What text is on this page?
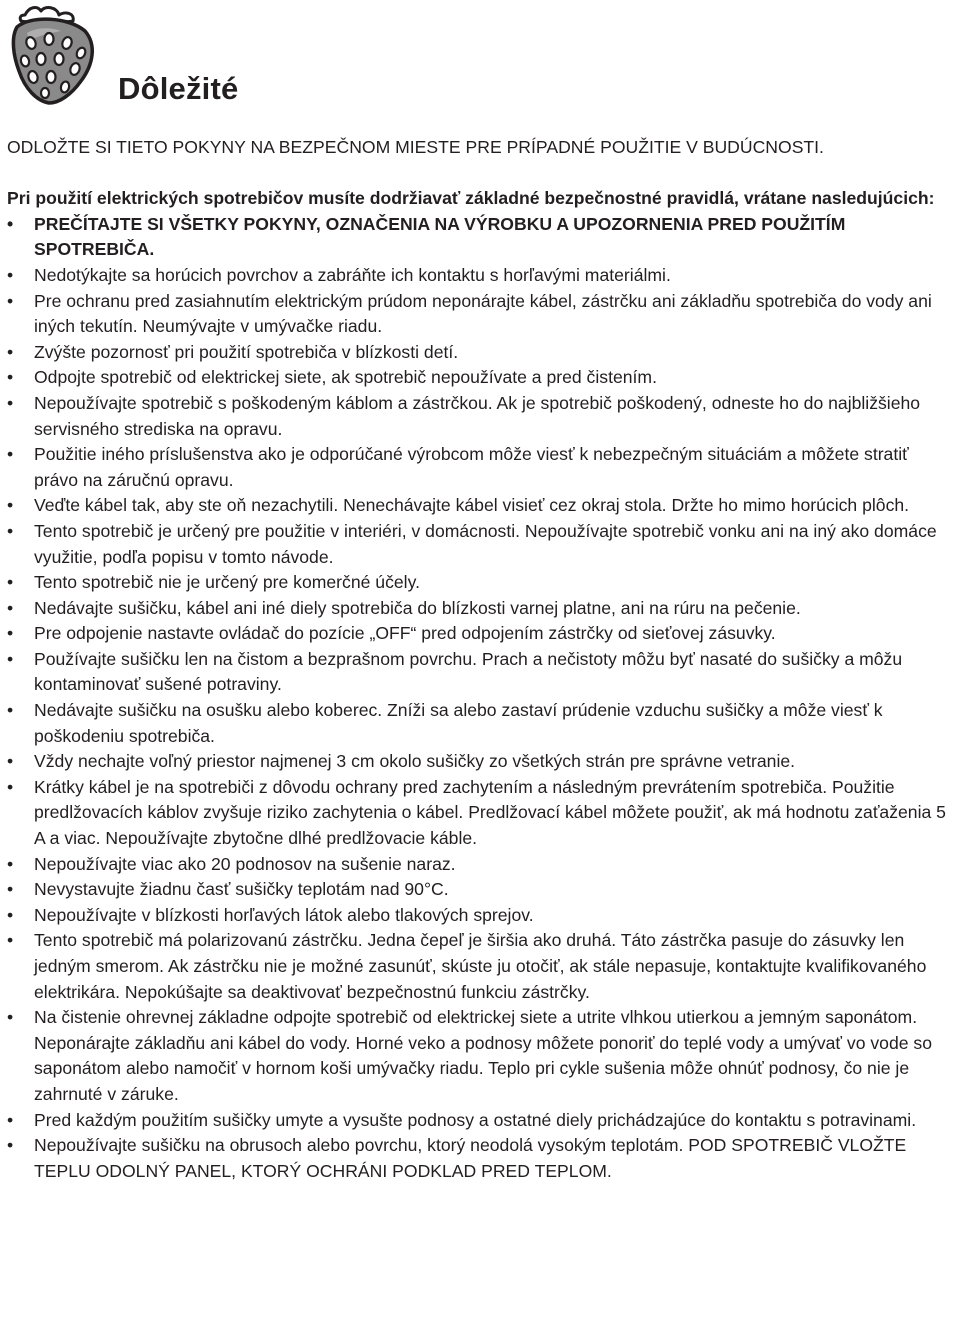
Dôležité

ODLOŽTE SI TIETO POKYNY NA BEZPEČNOM MIESTE PRE PRÍPADNÉ POUŽITIE V BUDÚCNOSTI.

Pri použití elektrických spotrebičov musíte dodržiavať základné bezpečnostné pravidlá, vrátane nasledujúcich:

• PREČÍTAJTE SI VŠETKY POKYNY, OZNAČENIA NA VÝROBKU A UPOZORNENIA PRED POUŽITÍM SPOTREBIČA.
• Nedotýkajte sa horúcich povrchov a zabráňte ich kontaktu s horľavými materiálmi.
• Pre ochranu pred zasiahnutím elektrickým prúdom neponárajte kábel, zástrčku ani základňu spotrebiča do vody ani iných tekutín. Neumývajte v umývačke riadu.
• Zvýšte pozornosť pri použití spotrebiča v blízkosti detí.
• Odpojte spotrebič od elektrickej siete, ak spotrebič nepoužívate a pred čistením.
• Nepoužívajte spotrebič s poškodeným káblom a zástrčkou. Ak je spotrebič poškodený, odneste ho do najbližšieho servisného strediska na opravu.
• Použitie iného príslušenstva ako je odporúčané výrobcom môže viesť k nebezpečným situáciám a môžete stratiť právo na záručnú opravu.
• Veďte kábel tak, aby ste oň nezachytili. Nenechávajte kábel visieť cez okraj stola. Držte ho mimo horúcich plôch.
• Tento spotrebič je určený pre použitie v interiéri, v domácnosti. Nepoužívajte spotrebič vonku ani na iný ako domáce využitie, podľa popisu v tomto návode.
• Tento spotrebič nie je určený pre komerčné účely.
• Nedávajte sušičku, kábel ani iné diely spotrebiča do blízkosti varnej platne, ani na rúru na pečenie.
• Pre odpojenie nastavte ovládač do pozície „OFF“ pred odpojením zástrčky od sieťovej zásuvky.
• Používajte sušičku len na čistom a bezprašnom povrchu. Prach a nečistoty môžu byť nasaté do sušičky a môžu kontaminovať sušené potraviny.
• Nedávajte sušičku na osušku alebo koberec. Zníži sa alebo zastaví prúdenie vzduchu sušičky a môže viesť k poškodeniu spotrebiča.
• Vždy nechajte voľný priestor najmenej 3 cm okolo sušičky zo všetkých strán pre správne vetranie.
• Krátky kábel je na spotrebiči z dôvodu ochrany pred zachytením a následným prevrátením spotrebiča. Použitie predlžovacích káblov zvyšuje riziko zachytenia o kábel. Predlžovací kábel môžete použiť, ak má hodnotu zaťaženia 5 A a viac. Nepoužívajte zbytočne dlhé predlžovacie káble.
• Nepoužívajte viac ako 20 podnosov na sušenie naraz.
• Nevystavujte žiadnu časť sušičky teplotám nad 90°C.
• Nepoužívajte v blízkosti horľavých látok alebo tlakových sprejov.
• Tento spotrebič má polarizovanú zástrčku. Jedna čepeľ je širšia ako druhá. Táto zástrčka pasuje do zásuvky len jedným smerom. Ak zástrčku nie je možné zasunúť, skúste ju otočiť, ak stále nepasuje, kontaktujte kvalifikovaného elektrikára. Nepokúšajte sa deaktivovať bezpečnostnú funkciu zástrčky.
• Na čistenie ohrevnej základne odpojte spotrebič od elektrickej siete a utrite vlhkou utierkou a jemným saponátom. Neponárajte základňu ani kábel do vody. Horné veko a podnosy môžete ponoriť do teplé vody a umývať vo vode so saponátom alebo namočiť v hornom koši umývačky riadu. Teplo pri cykle sušenia môže ohnúť podnosy, čo nie je zahrnuté v záruke.
• Pred každým použitím sušičky umyte a vysušte podnosy a ostatné diely prichádzajúce do kontaktu s potravinami.
• Nepoužívajte sušičku na obrusoch alebo povrchu, ktorý neodolá vysokým teplotám. POD SPOTREBIČ VLOŽTE TEPLU ODOLNÝ PANEL, KTORÝ OCHRÁNI PODKLAD PRED TEPLOM.
